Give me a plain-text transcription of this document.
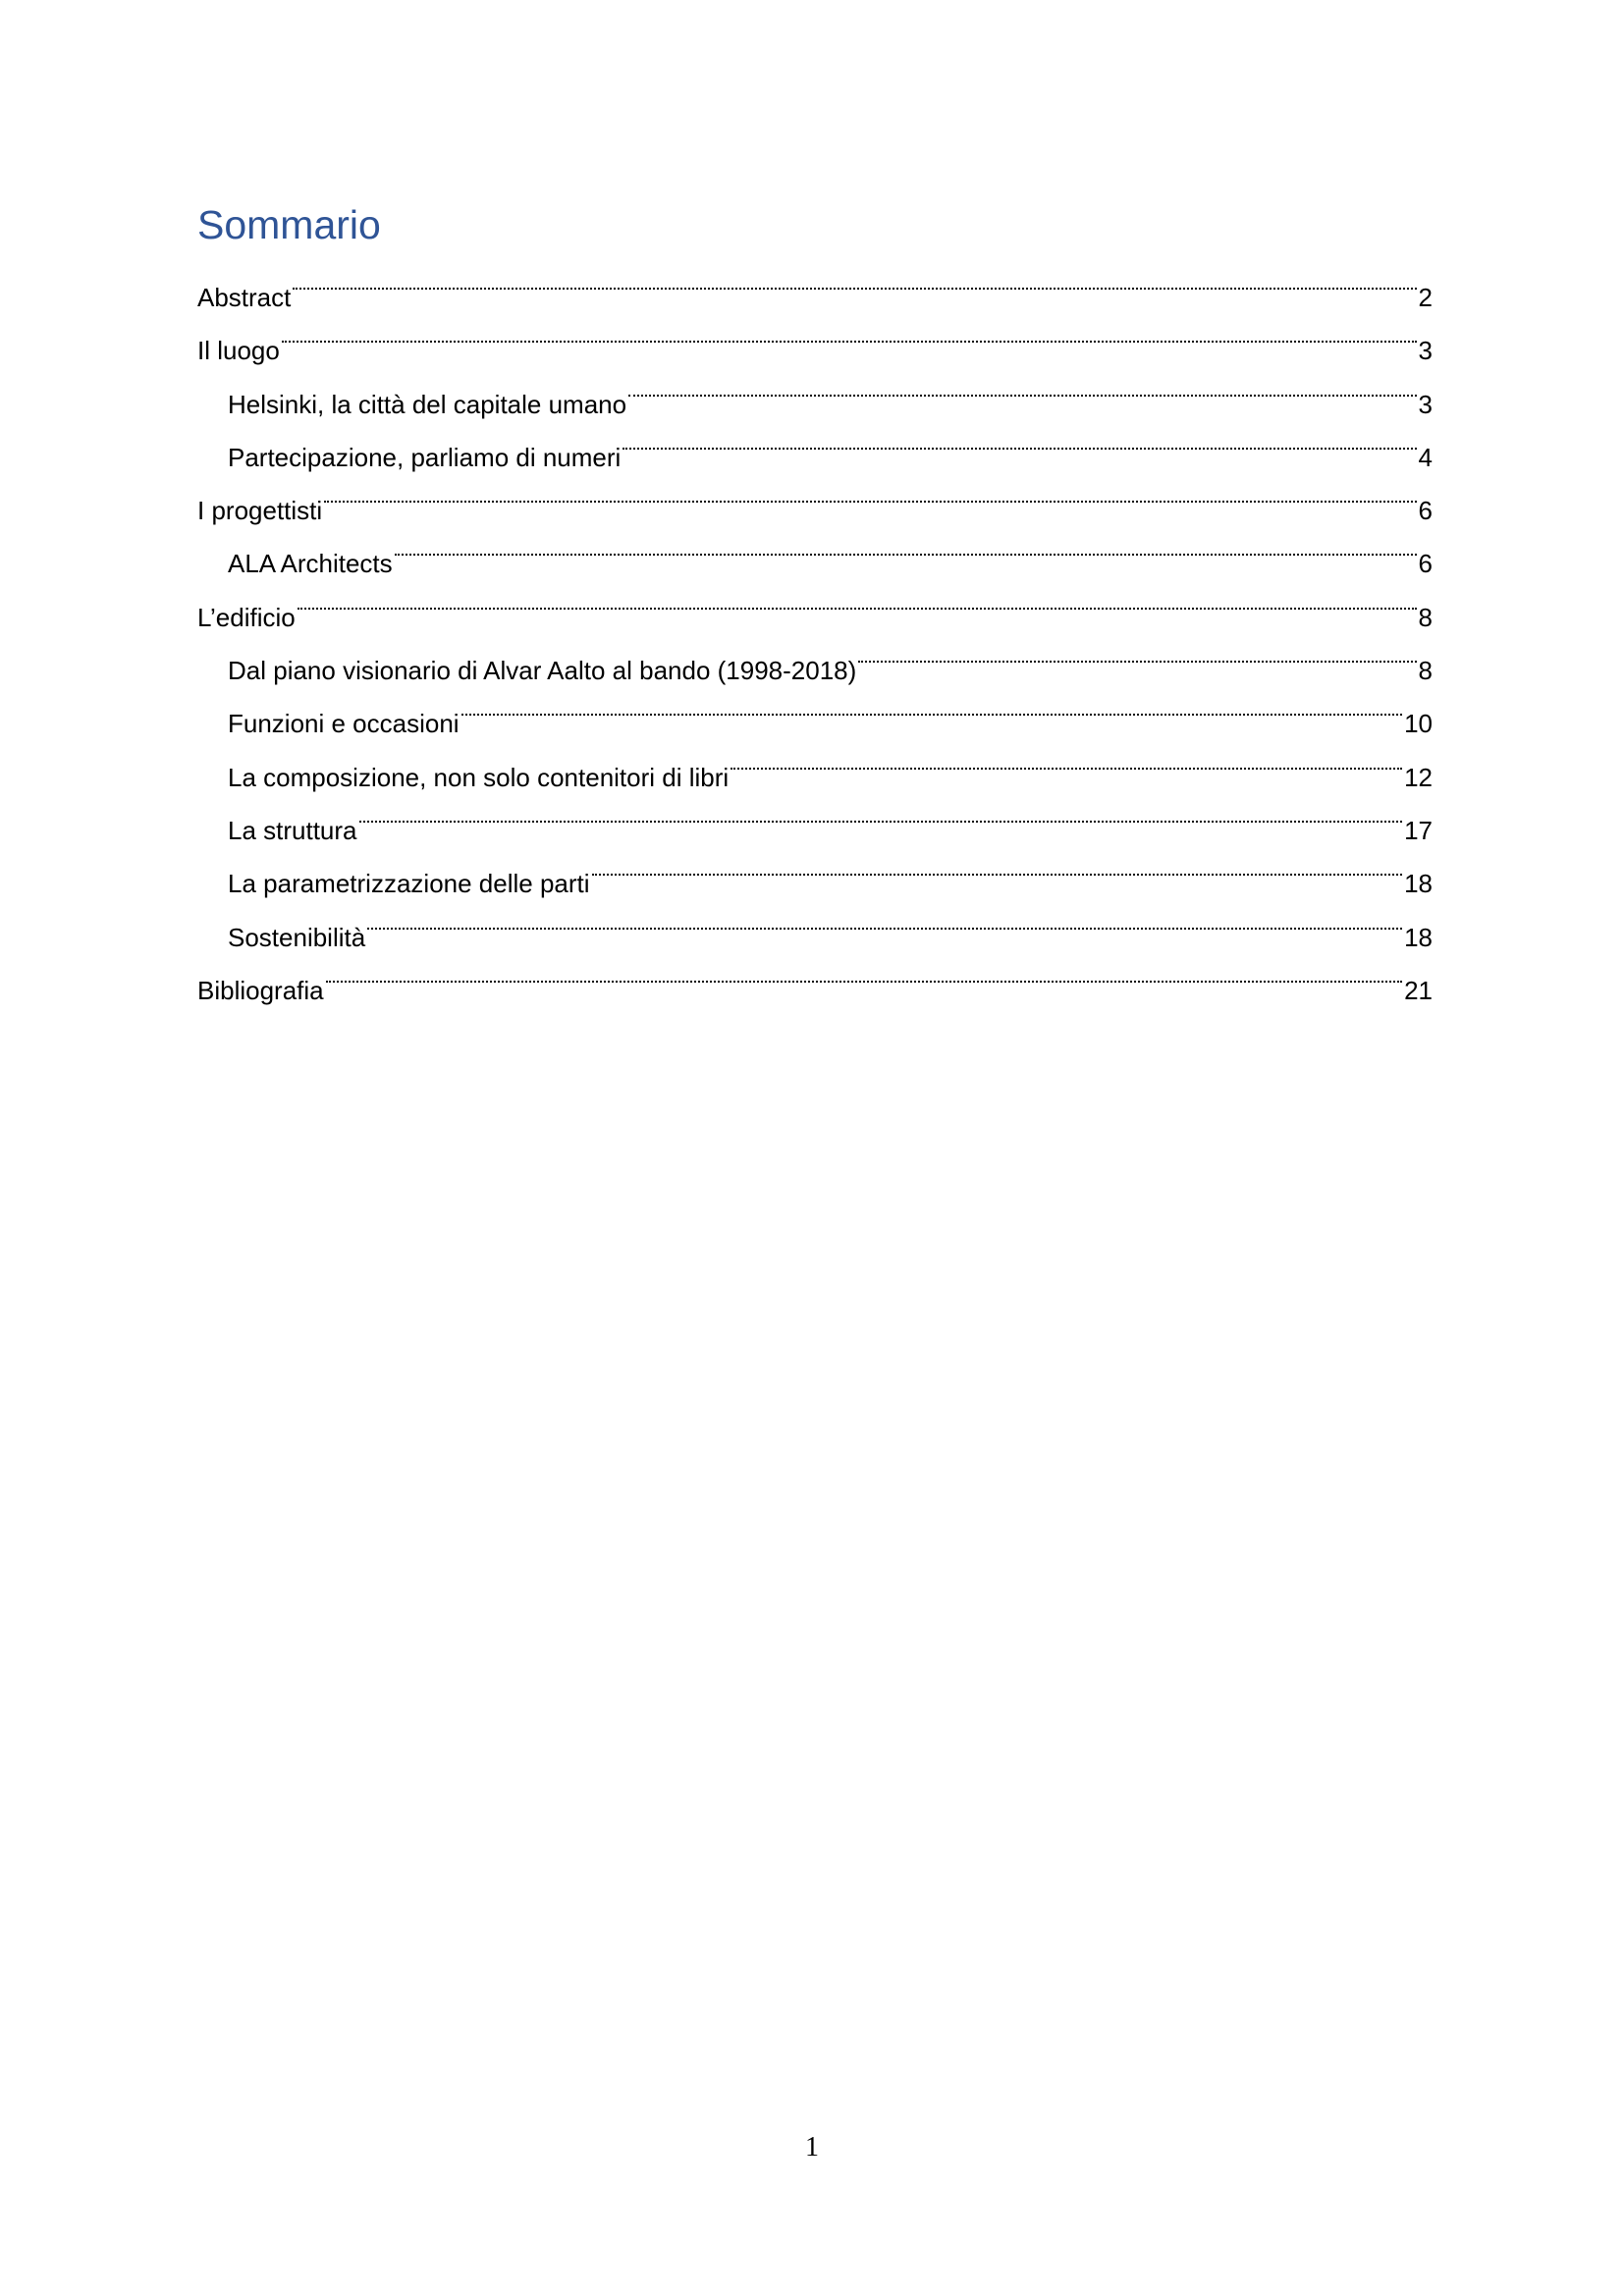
Sommario
Abstract	2
Il luogo	3
Helsinki, la città del capitale umano	3
Partecipazione, parliamo di numeri	4
I progettisti	6
ALA Architects	6
L’edificio	8
Dal piano visionario di Alvar Aalto al bando (1998-2018)	8
Funzioni e occasioni	10
La composizione, non solo contenitori di libri	12
La struttura	17
La parametrizzazione delle parti	18
Sostenibilità	18
Bibliografia	21
1
